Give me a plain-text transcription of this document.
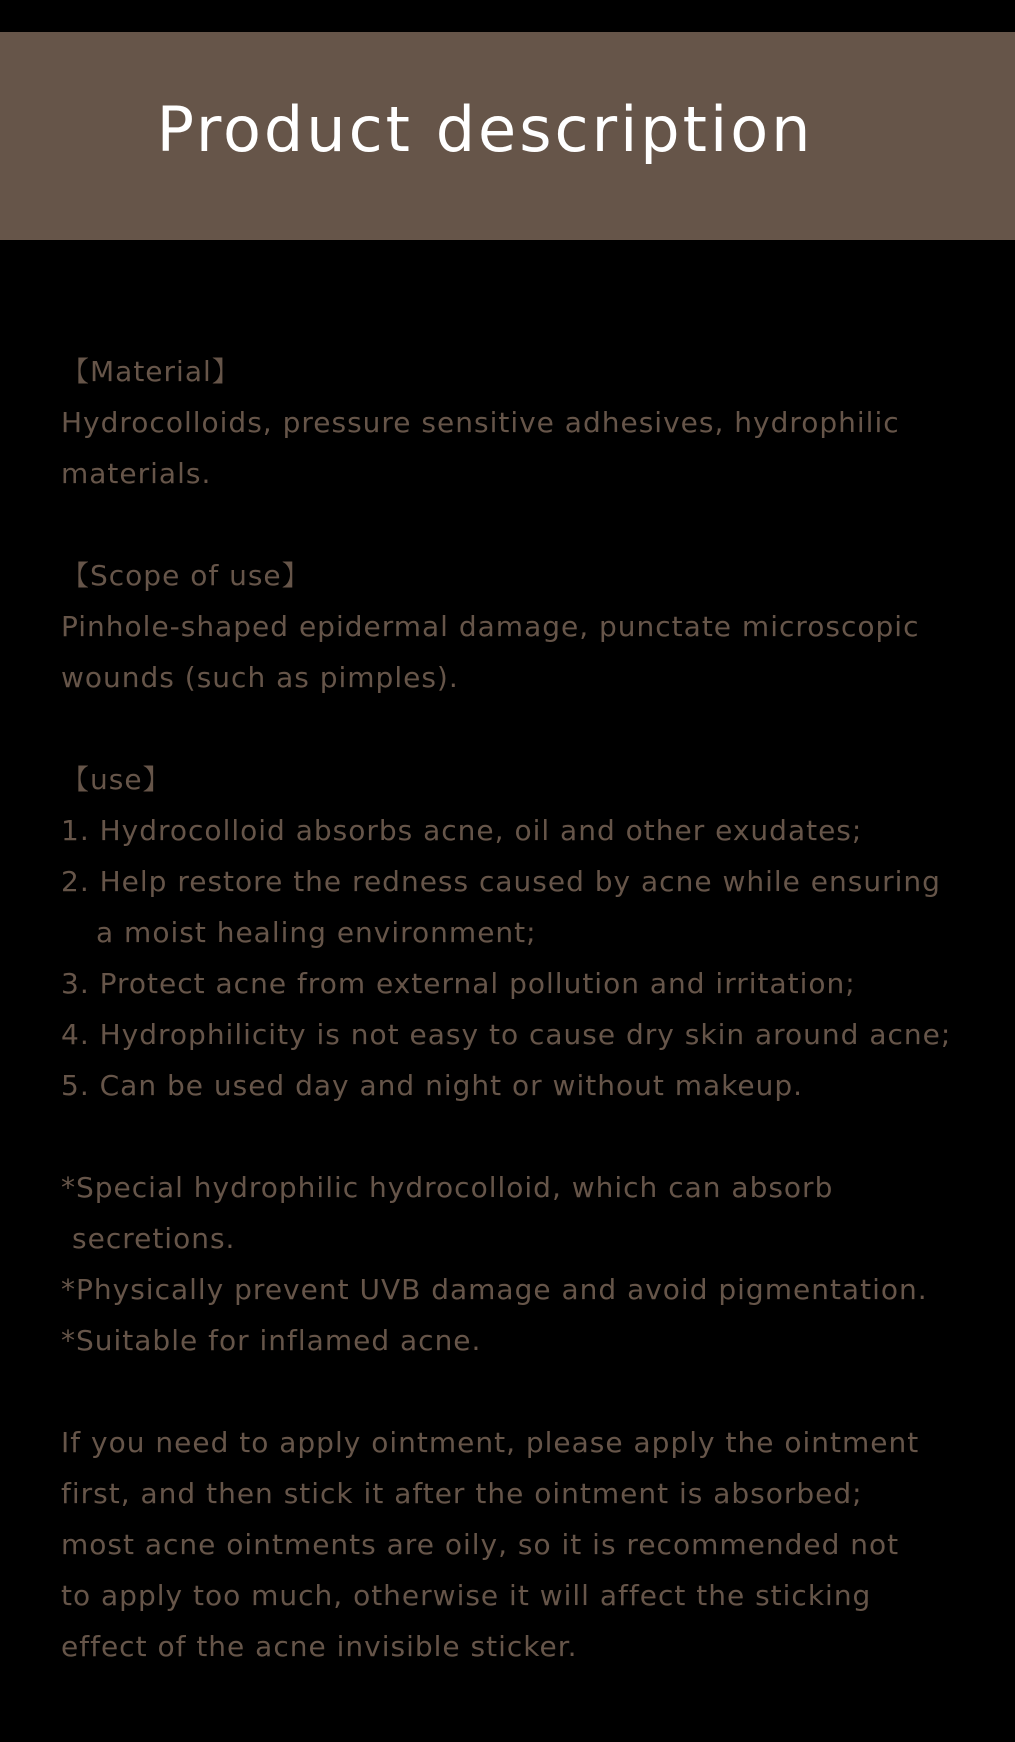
Product description
【Material】
Hydrocolloids, pressure sensitive adhesives, hydrophilic
materials.
【Scope of use】
Pinhole-shaped epidermal damage, punctate microscopic
wounds (such as pimples).
【use】
1. Hydrocolloid absorbs acne, oil and other exudates;
2. Help restore the redness caused by acne while ensuring
a moist healing environment;
3. Protect acne from external pollution and irritation;
4. Hydrophilicity is not easy to cause dry skin around acne;
5. Can be used day and night or without makeup.
*Special hydrophilic hydrocolloid, which can absorb
secretions.
*Physically prevent UVB damage and avoid pigmentation.
*Suitable for inflamed acne.
If you need to apply ointment, please apply the ointment
first, and then stick it after the ointment is absorbed;
most acne ointments are oily, so it is recommended not
to apply too much, otherwise it will affect the sticking
effect of the acne invisible sticker.
